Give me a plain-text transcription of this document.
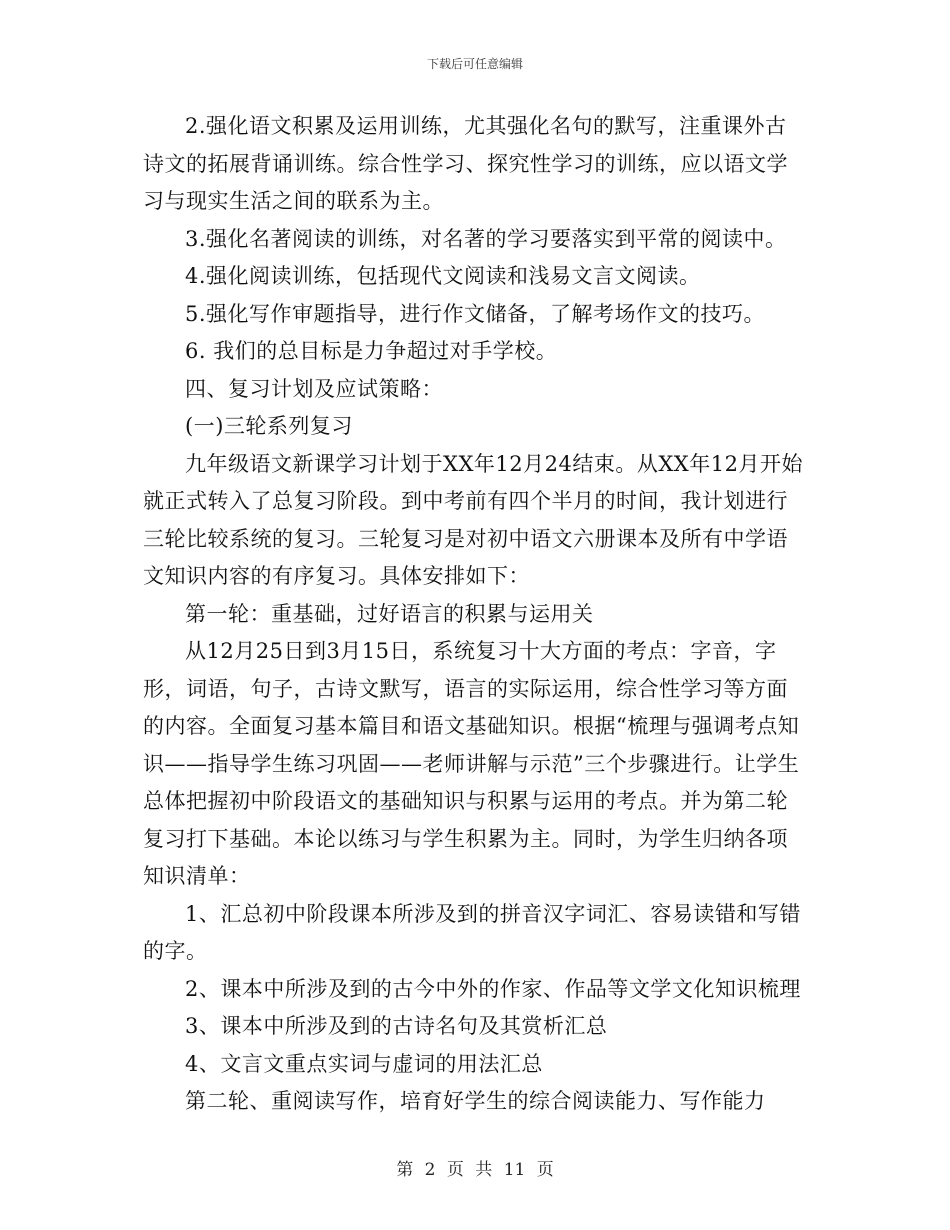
下载后可任意编辑

2.强化语文积累及运用训练，尤其强化名句的默写，注重课外古诗文的拓展背诵训练。综合性学习、探究性学习的训练，应以语文学习与现实生活之间的联系为主。

3.强化名著阅读的训练，对名著的学习要落实到平常的阅读中。

4.强化阅读训练，包括现代文阅读和浅易文言文阅读。

5.强化写作审题指导，进行作文储备，了解考场作文的技巧。

6. 我们的总目标是力争超过对手学校。

四、复习计划及应试策略：

(一)三轮系列复习

九年级语文新课学习计划于XX年12月24结束。从XX年12月开始就正式转入了总复习阶段。到中考前有四个半月的时间，我计划进行三轮比较系统的复习。三轮复习是对初中语文六册课本及所有中学语文知识内容的有序复习。具体安排如下：

第一轮：重基础，过好语言的积累与运用关

从12月25日到3月15日，系统复习十大方面的考点：字音，字形，词语，句子，古诗文默写，语言的实际运用，综合性学习等方面的内容。全面复习基本篇目和语文基础知识。根据“梳理与强调考点知识——指导学生练习巩固——老师讲解与示范”三个步骤进行。让学生总体把握初中阶段语文的基础知识与积累与运用的考点。并为第二轮复习打下基础。本论以练习与学生积累为主。同时，为学生归纳各项知识清单：

1、汇总初中阶段课本所涉及到的拼音汉字词汇、容易读错和写错的字。

2、课本中所涉及到的古今中外的作家、作品等文学文化知识梳理

3、课本中所涉及到的古诗名句及其赏析汇总

4、文言文重点实词与虚词的用法汇总

第二轮、重阅读写作，培育好学生的综合阅读能力、写作能力

第 2 页 共 11 页
